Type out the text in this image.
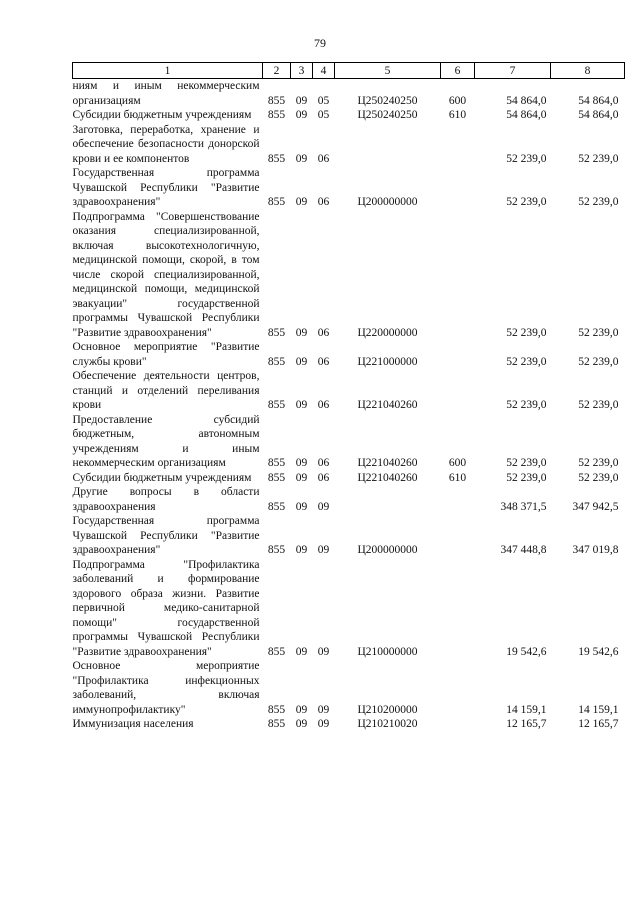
79
1	2	3	4	5	6	7	8
ниям и иным некоммерческим организациям	855	09	05	Ц250240250	600	54 864,0	54 864,0
Субсидии бюджетным учреждениям	855	09	05	Ц250240250	610	54 864,0	54 864,0
Заготовка, переработка, хранение и обеспечение безопасности донорской крови и ее компонентов	855	09	06			52 239,0	52 239,0
Государственная программа Чувашской Республики "Развитие здравоохранения"	855	09	06	Ц200000000		52 239,0	52 239,0
Подпрограмма "Совершенствование оказания специализированной, включая высокотехнологичную, медицинской помощи, скорой, в том числе скорой специализированной, медицинской помощи, медицинской эвакуации" государственной программы Чувашской Республики "Развитие здравоохранения"	855	09	06	Ц220000000		52 239,0	52 239,0
Основное мероприятие "Развитие службы крови"	855	09	06	Ц221000000		52 239,0	52 239,0
Обеспечение деятельности центров, станций и отделений переливания крови	855	09	06	Ц221040260		52 239,0	52 239,0
Предоставление субсидий бюджетным, автономным учреждениям и иным некоммерческим организациям	855	09	06	Ц221040260	600	52 239,0	52 239,0
Субсидии бюджетным учреждениям	855	09	06	Ц221040260	610	52 239,0	52 239,0
Другие вопросы в области здравоохранения	855	09	09			348 371,5	347 942,5
Государственная программа Чувашской Республики "Развитие здравоохранения"	855	09	09	Ц200000000		347 448,8	347 019,8
Подпрограмма "Профилактика заболеваний и формирование здорового образа жизни. Развитие первичной медико-санитарной помощи" государственной программы Чувашской Республики "Развитие здравоохранения"	855	09	09	Ц210000000		19 542,6	19 542,6
Основное мероприятие "Профилактика инфекционных заболеваний, включая иммунопрофилактику"	855	09	09	Ц210200000		14 159,1	14 159,1
Иммунизация населения	855	09	09	Ц210210020		12 165,7	12 165,7
